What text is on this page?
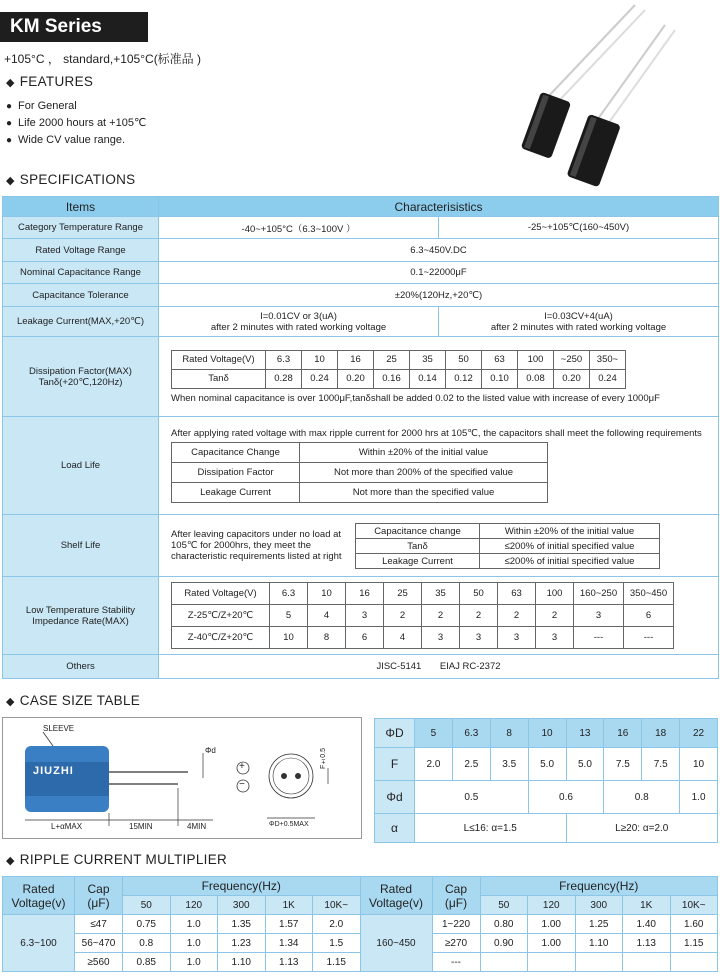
KM Series
+105°C ， standard,+105°C(标准品 )
◆ FEATURES
● For General
● Life 2000 hours at +105℃
● Wide CV value range.
◆ SPECIFICATIONS
Items	Characterisistics
Category Temperature Range	-40~+105°C（6.3~100V ）	-25~+105℃(160~450V)
Rated Voltage Range	6.3~450V.DC
Nominal Capacitance Range	0.1~22000μF
Capacitance Tolerance	±20%(120Hz,+20℃)
Leakage Current(MAX,+20℃)	I=0.01CV or 3(uA)
after 2 minutes with rated working voltage

I=0.03CV+4(uA)
after 2 minutes with rated working voltage

Dissipation Factor(MAX)
Tanδ(+20℃,120Hz)

Rated Voltage(V)	6.3	10	16	25	35	50	63	100	~250	350~
Tanδ	0.28	0.24	0.20	0.16	0.14	0.12	0.10	0.08	0.20	0.24
When nominal capacitance is over 1000μF,tanδshall be added 0.02 to the listed value with increase of every 1000μF

Load Life	
After applying rated voltage with max ripple current for 2000 hrs at 105℃, the capacitors shall meet the following requirements
Capacitance Change	Within ±20% of the initial value
Dissipation Factor	Not more than 200% of the specified value
Leakage Current	Not more than the specified value

Shelf Life	
After leaving capacitors under no load at 105℃ for 2000hrs, they meet the characteristic requirements listed at right
Capacitance change	Within ±20% of the initial value
Tanδ	≤200% of initial specified value
Leakage Current	≤200% of initial specified value

Low Temperature Stability
Impedance Rate(MAX)

Rated Voltage(V)	6.3	10	16	25	35	50	63	100	160~250	350~450
Z-25℃/Z+20℃	5	4	3	2	2	2	2	2	3	6
Z-40℃/Z+20℃	10	8	6	4	3	3	3	3	---	---

Others	JISC-5141       EIAJ RC-2372
◆ CASE SIZE TABLE
SLEEVE
JIUZHI
L+αMAX	15MIN	4MIN
Φd
+
−
ΦD+0.5MAX
F±0.5
ΦD	5	6.3	8	10	13	16	18	22
F	2.0	2.5	3.5	5.0	5.0	7.5	7.5	10
Φd	0.5			0.6		0.8		1.0
α	L≤16: α=1.5				L≥20: α=2.0			
◆ RIPPLE CURRENT MULTIPLIER
Rated Voltage(v)	Cap (μF)	Frequency(Hz)					Rated Voltage(v)	Cap (μF)	Frequency(Hz)				
		50	120	300	1K	10K~			50	120	300	1K	10K~
6.3~100	≤47	0.75	1.0	1.35	1.57	2.0	160~450	1~220	0.80	1.00	1.25	1.40	1.60
	56~470	0.8	1.0	1.23	1.34	1.5		≥270	0.90	1.00	1.10	1.13	1.15
	≥560	0.85	1.0	1.10	1.13	1.15		---					
